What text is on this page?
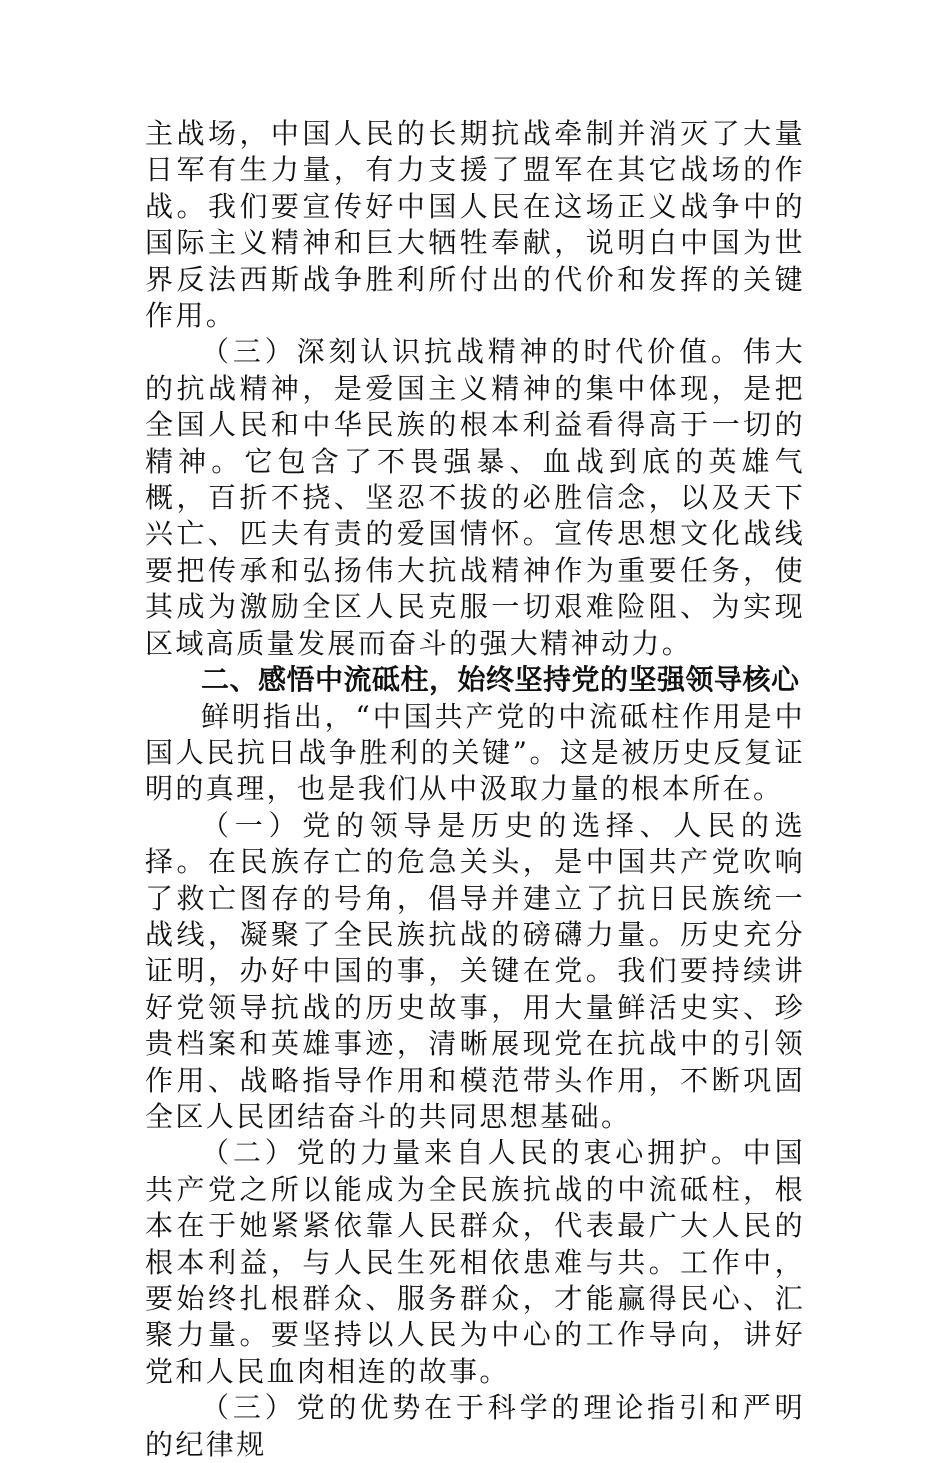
主战场，中国人民的长期抗战牵制并消灭了大量日军有生力量，有力支援了盟军在其它战场的作战。我们要宣传好中国人民在这场正义战争中的国际主义精神和巨大牺牲奉献，说明白中国为世界反法西斯战争胜利所付出的代价和发挥的关键作用。

（三）深刻认识抗战精神的时代价值。伟大的抗战精神，是爱国主义精神的集中体现，是把全国人民和中华民族的根本利益看得高于一切的精神。它包含了不畏强暴、血战到底的英雄气概，百折不挠、坚忍不拔的必胜信念，以及天下兴亡、匹夫有责的爱国情怀。宣传思想文化战线要把传承和弘扬伟大抗战精神作为重要任务，使其成为激励全区人民克服一切艰难险阻、为实现区域高质量发展而奋斗的强大精神动力。

二、感悟中流砥柱，始终坚持党的坚强领导核心

鲜明指出，“中国共产党的中流砥柱作用是中国人民抗日战争胜利的关键”。这是被历史反复证明的真理，也是我们从中汲取力量的根本所在。

（一）党的领导是历史的选择、人民的选择。在民族存亡的危急关头，是中国共产党吹响了救亡图存的号角，倡导并建立了抗日民族统一战线，凝聚了全民族抗战的磅礴力量。历史充分证明，办好中国的事，关键在党。我们要持续讲好党领导抗战的历史故事，用大量鲜活史实、珍贵档案和英雄事迹，清晰展现党在抗战中的引领作用、战略指导作用和模范带头作用，不断巩固全区人民团结奋斗的共同思想基础。

（二）党的力量来自人民的衷心拥护。中国共产党之所以能成为全民族抗战的中流砥柱，根本在于她紧紧依靠人民群众，代表最广大人民的根本利益，与人民生死相依患难与共。工作中，要始终扎根群众、服务群众，才能赢得民心、汇聚力量。要坚持以人民为中心的工作导向，讲好党和人民血肉相连的故事。

（三）党的优势在于科学的理论指引和严明的纪律规
